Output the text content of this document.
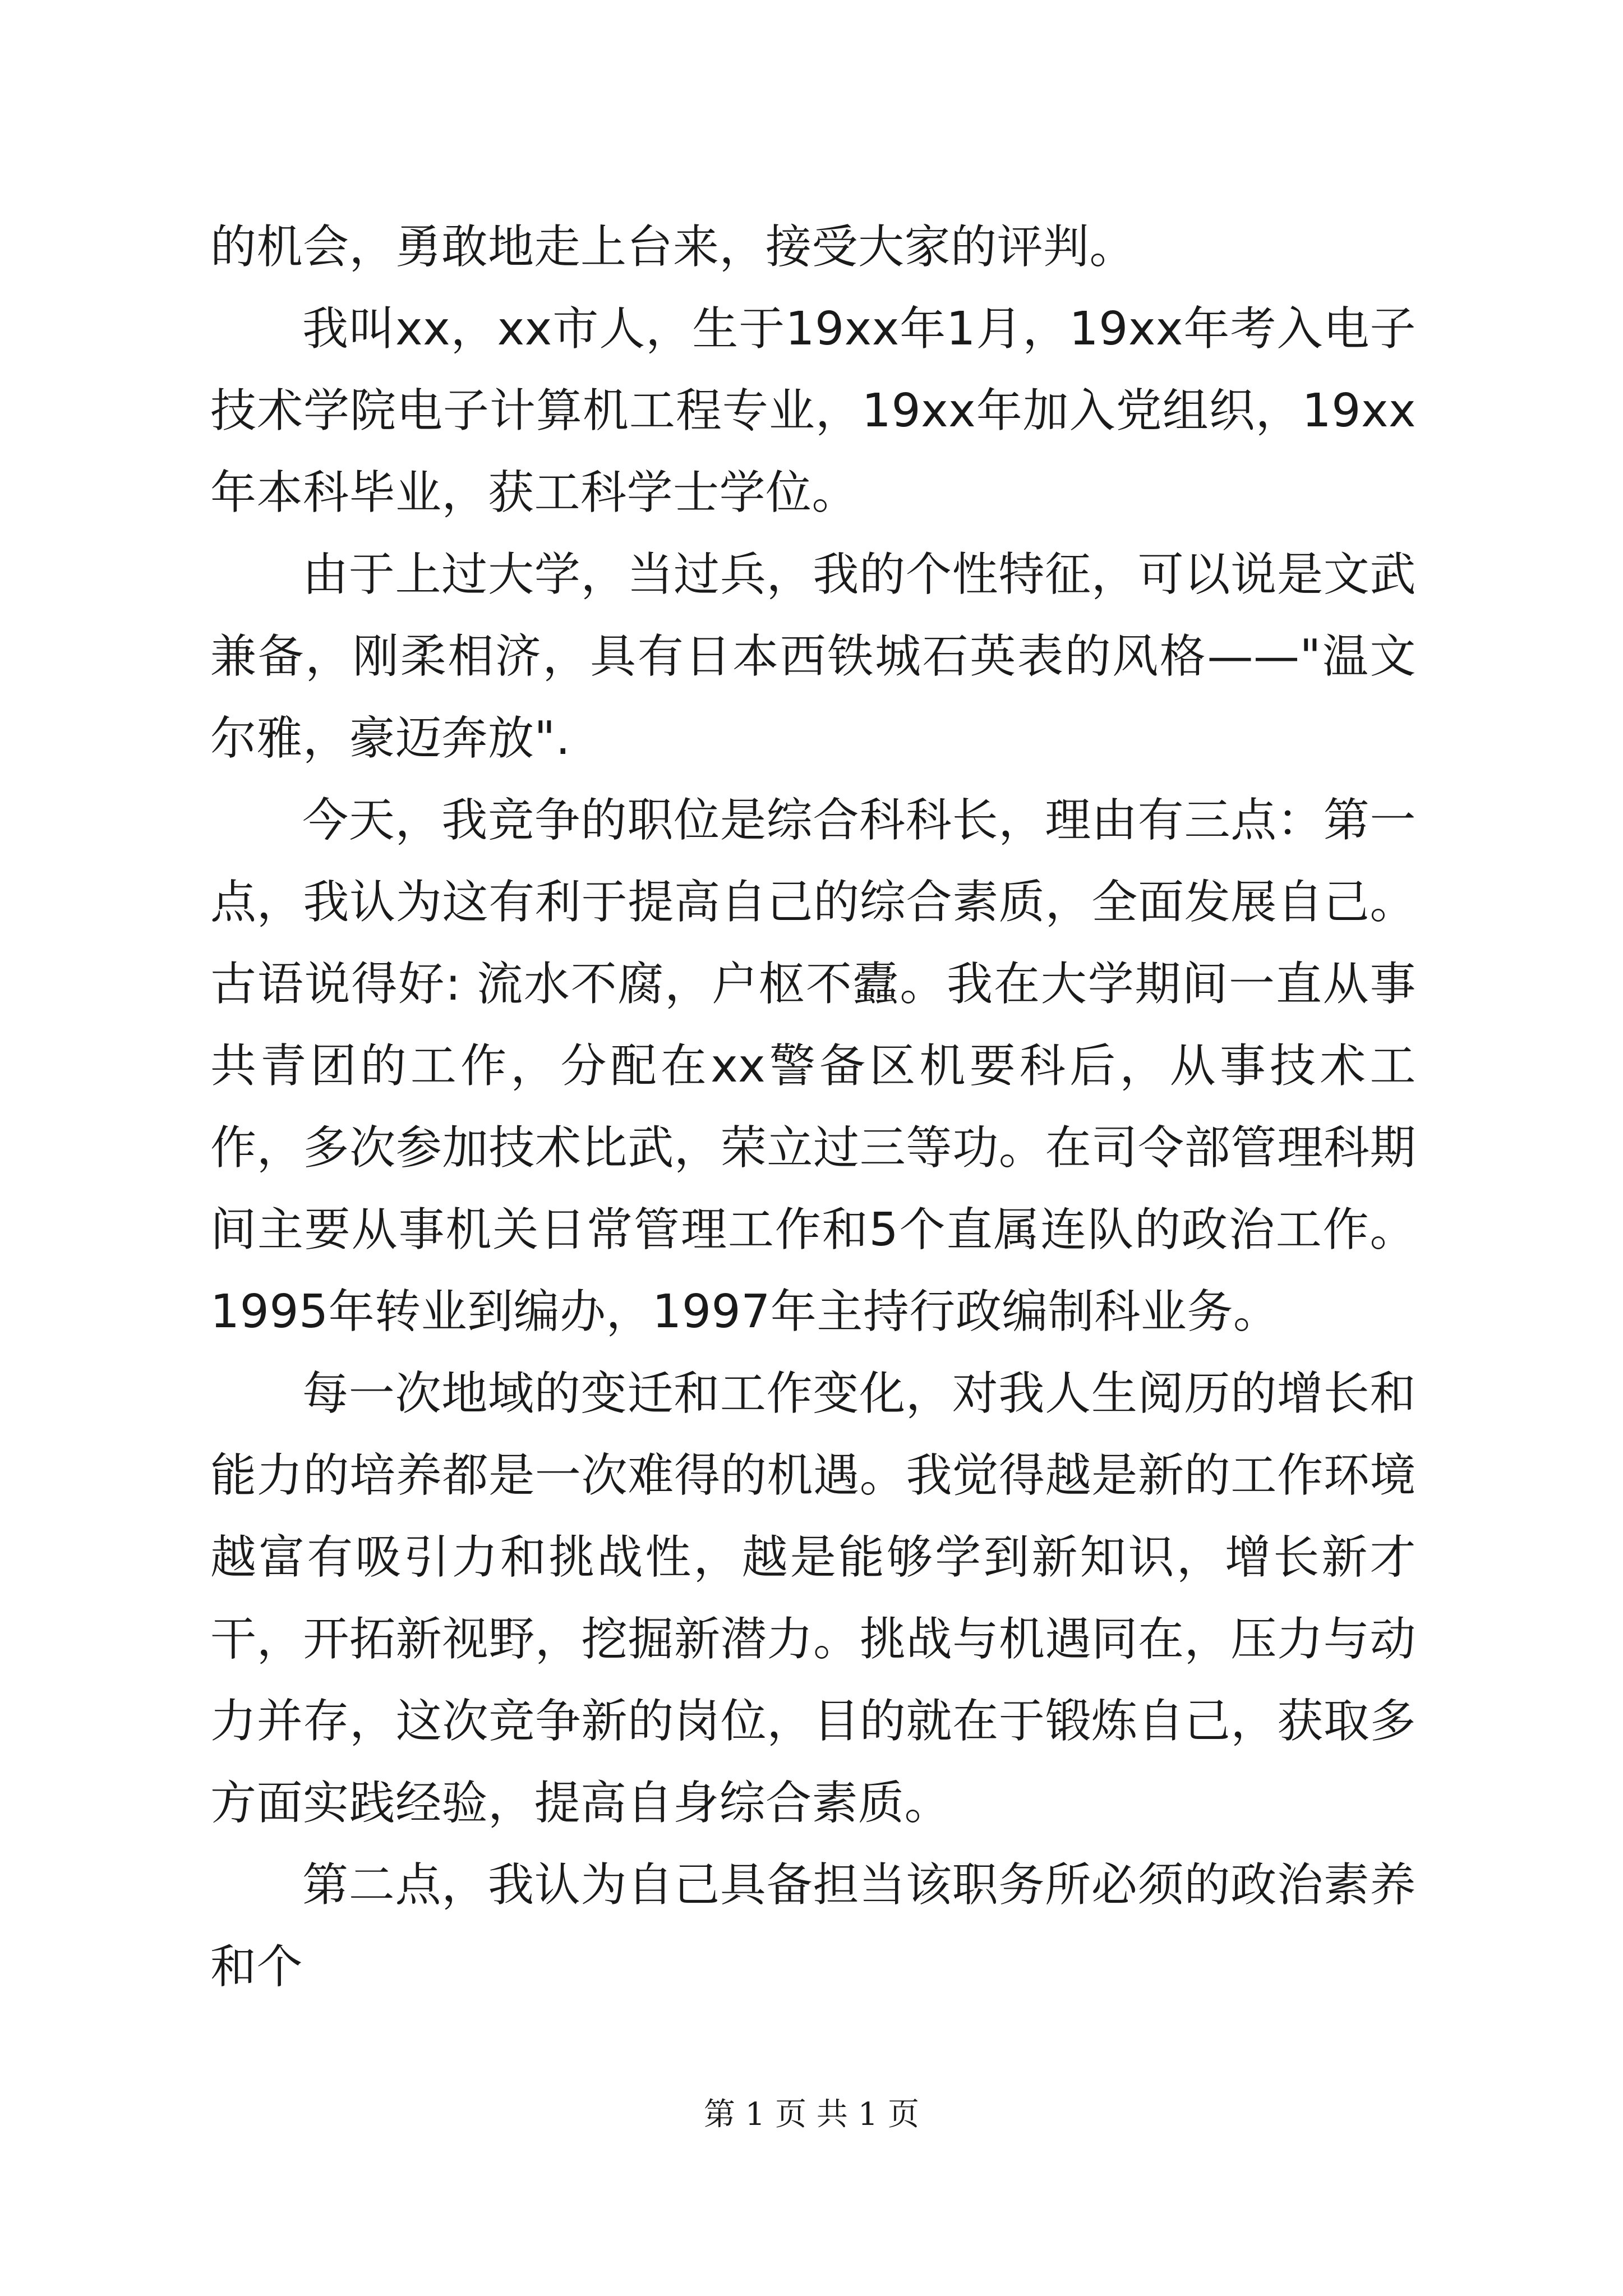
的机会，勇敢地走上台来，接受大家的评判。

我叫xx，xx市人，生于19xx年1月，19xx年考入电子技术学院电子计算机工程专业，19xx年加入党组织，19xx年本科毕业，获工科学士学位。

由于上过大学，当过兵，我的个性特征，可以说是文武兼备，刚柔相济，具有日本西铁城石英表的风格——"温文尔雅，豪迈奔放".

今天，我竞争的职位是综合科科长，理由有三点：第一点，我认为这有利于提高自己的综合素质，全面发展自己。古语说得好: 流水不腐，户枢不蠹。我在大学期间一直从事共青团的工作，分配在xx警备区机要科后，从事技术工作，多次参加技术比武，荣立过三等功。在司令部管理科期间主要从事机关日常管理工作和5个直属连队的政治工作。1995年转业到编办，1997年主持行政编制科业务。

每一次地域的变迁和工作变化，对我人生阅历的增长和能力的培养都是一次难得的机遇。我觉得越是新的工作环境越富有吸引力和挑战性，越是能够学到新知识，增长新才干，开拓新视野，挖掘新潜力。挑战与机遇同在，压力与动力并存，这次竞争新的岗位，目的就在于锻炼自己，获取多方面实践经验，提高自身综合素质。

第二点，我认为自己具备担当该职务所必须的政治素养和个

第 1 页 共 1 页
